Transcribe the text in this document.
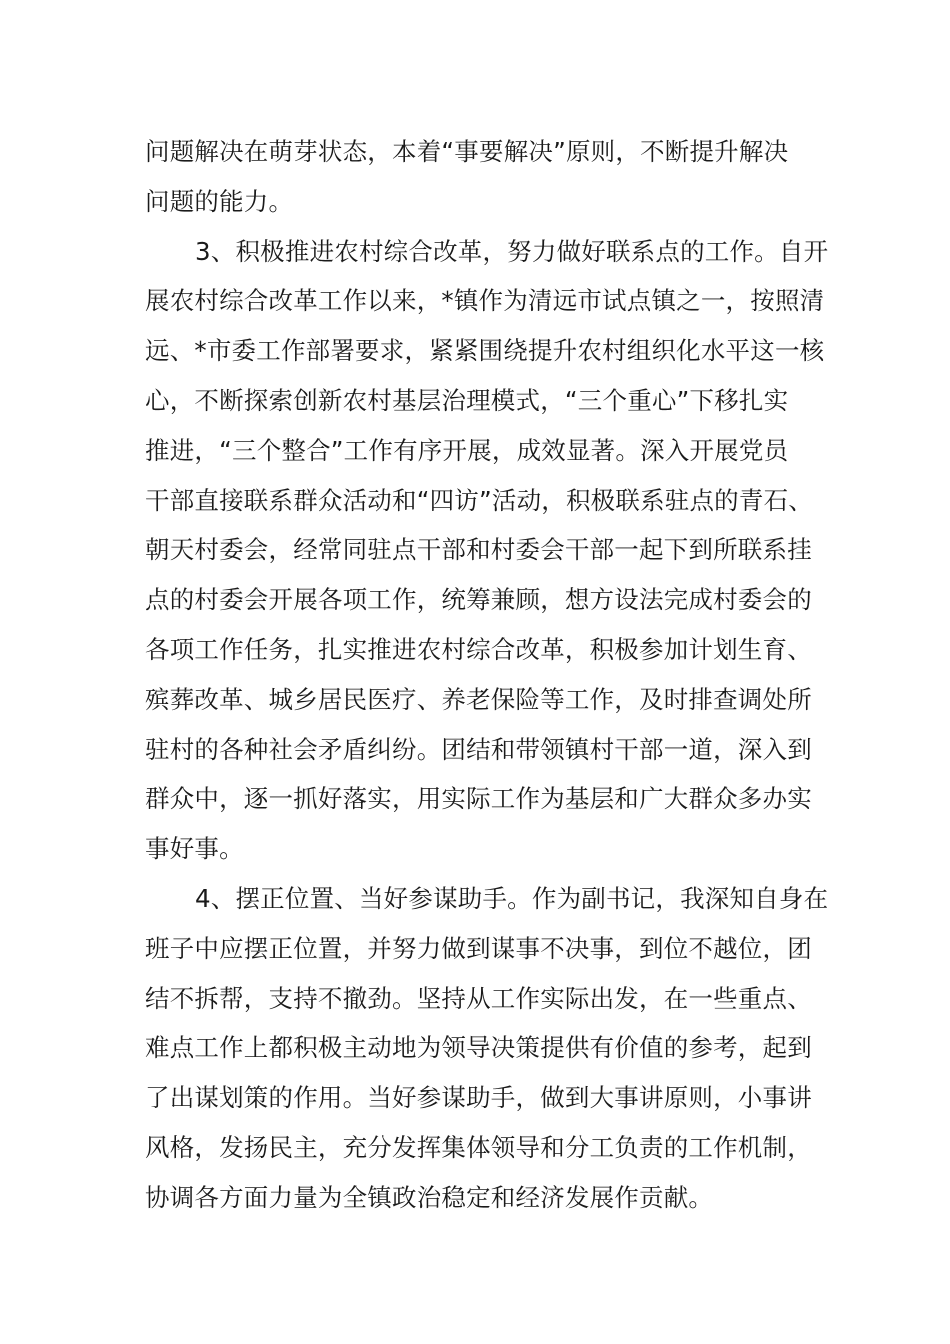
问题解决在萌芽状态，本着“事要解决”原则，不断提升解决
问题的能力。
3、积极推进农村综合改革，努力做好联系点的工作。自开
展农村综合改革工作以来，*镇作为清远市试点镇之一，按照清
远、*市委工作部署要求，紧紧围绕提升农村组织化水平这一核
心，不断探索创新农村基层治理模式，“三个重心”下移扎实
推进，“三个整合”工作有序开展，成效显著。深入开展党员
干部直接联系群众活动和“四访”活动，积极联系驻点的青石、
朝天村委会，经常同驻点干部和村委会干部一起下到所联系挂
点的村委会开展各项工作，统筹兼顾，想方设法完成村委会的
各项工作任务，扎实推进农村综合改革，积极参加计划生育、
殡葬改革、城乡居民医疗、养老保险等工作，及时排查调处所
驻村的各种社会矛盾纠纷。团结和带领镇村干部一道，深入到
群众中，逐一抓好落实，用实际工作为基层和广大群众多办实
事好事。
4、摆正位置、当好参谋助手。作为副书记，我深知自身在
班子中应摆正位置，并努力做到谋事不决事，到位不越位，团
结不拆帮，支持不撤劲。坚持从工作实际出发，在一些重点、
难点工作上都积极主动地为领导决策提供有价值的参考，起到
了出谋划策的作用。当好参谋助手，做到大事讲原则，小事讲
风格，发扬民主，充分发挥集体领导和分工负责的工作机制，
协调各方面力量为全镇政治稳定和经济发展作贡献。
